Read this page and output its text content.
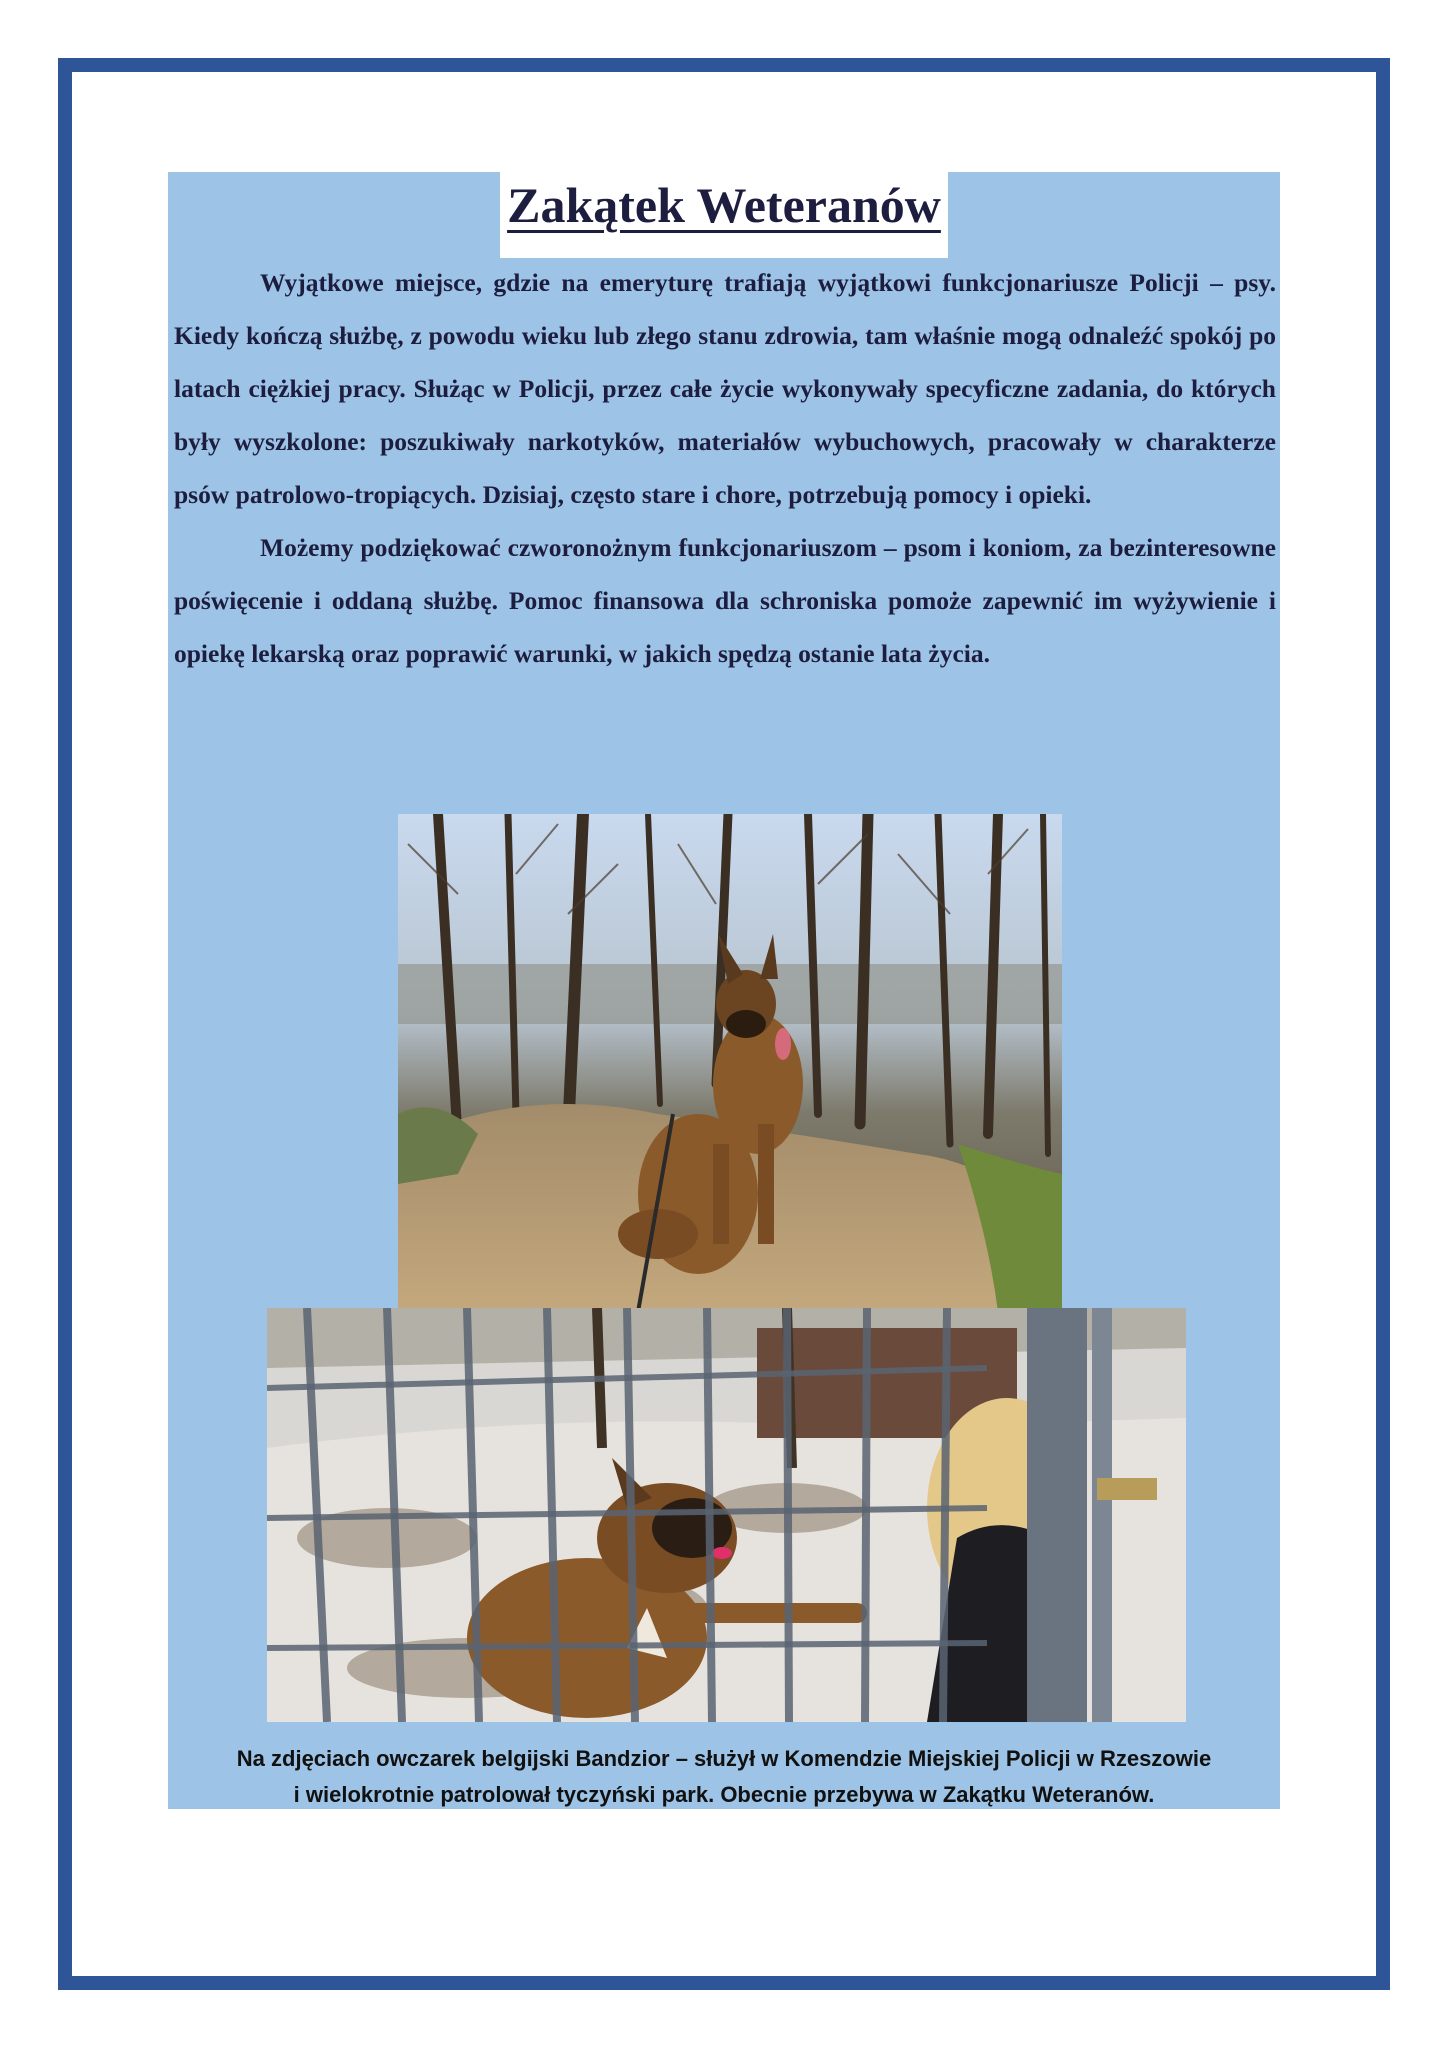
Zakątek Weteranów

Wyjątkowe miejsce, gdzie na emeryturę trafiają wyjątkowi funkcjonariusze Policji – psy. Kiedy kończą służbę, z powodu wieku lub złego stanu zdrowia, tam właśnie mogą odnaleźć spokój po latach ciężkiej pracy. Służąc w Policji, przez całe życie wykonywały specyficzne zadania, do których były wyszkolone: poszukiwały narkotyków, materiałów wybuchowych, pracowały w charakterze psów patrolowo-tropiących. Dzisiaj, często stare i chore, potrzebują pomocy i opieki.

Możemy podziękować czworonożnym funkcjonariuszom – psom i koniom, za bezinteresowne poświęcenie i oddaną służbę. Pomoc finansowa dla schroniska pomoże zapewnić im wyżywienie i opiekę lekarską oraz poprawić warunki, w jakich spędzą ostanie lata życia.

Na zdjęciach owczarek belgijski Bandzior – służył w Komendzie Miejskiej Policji w Rzeszowie
i wielokrotnie patrolował tyczyński park. Obecnie przebywa w Zakątku Weteranów.
